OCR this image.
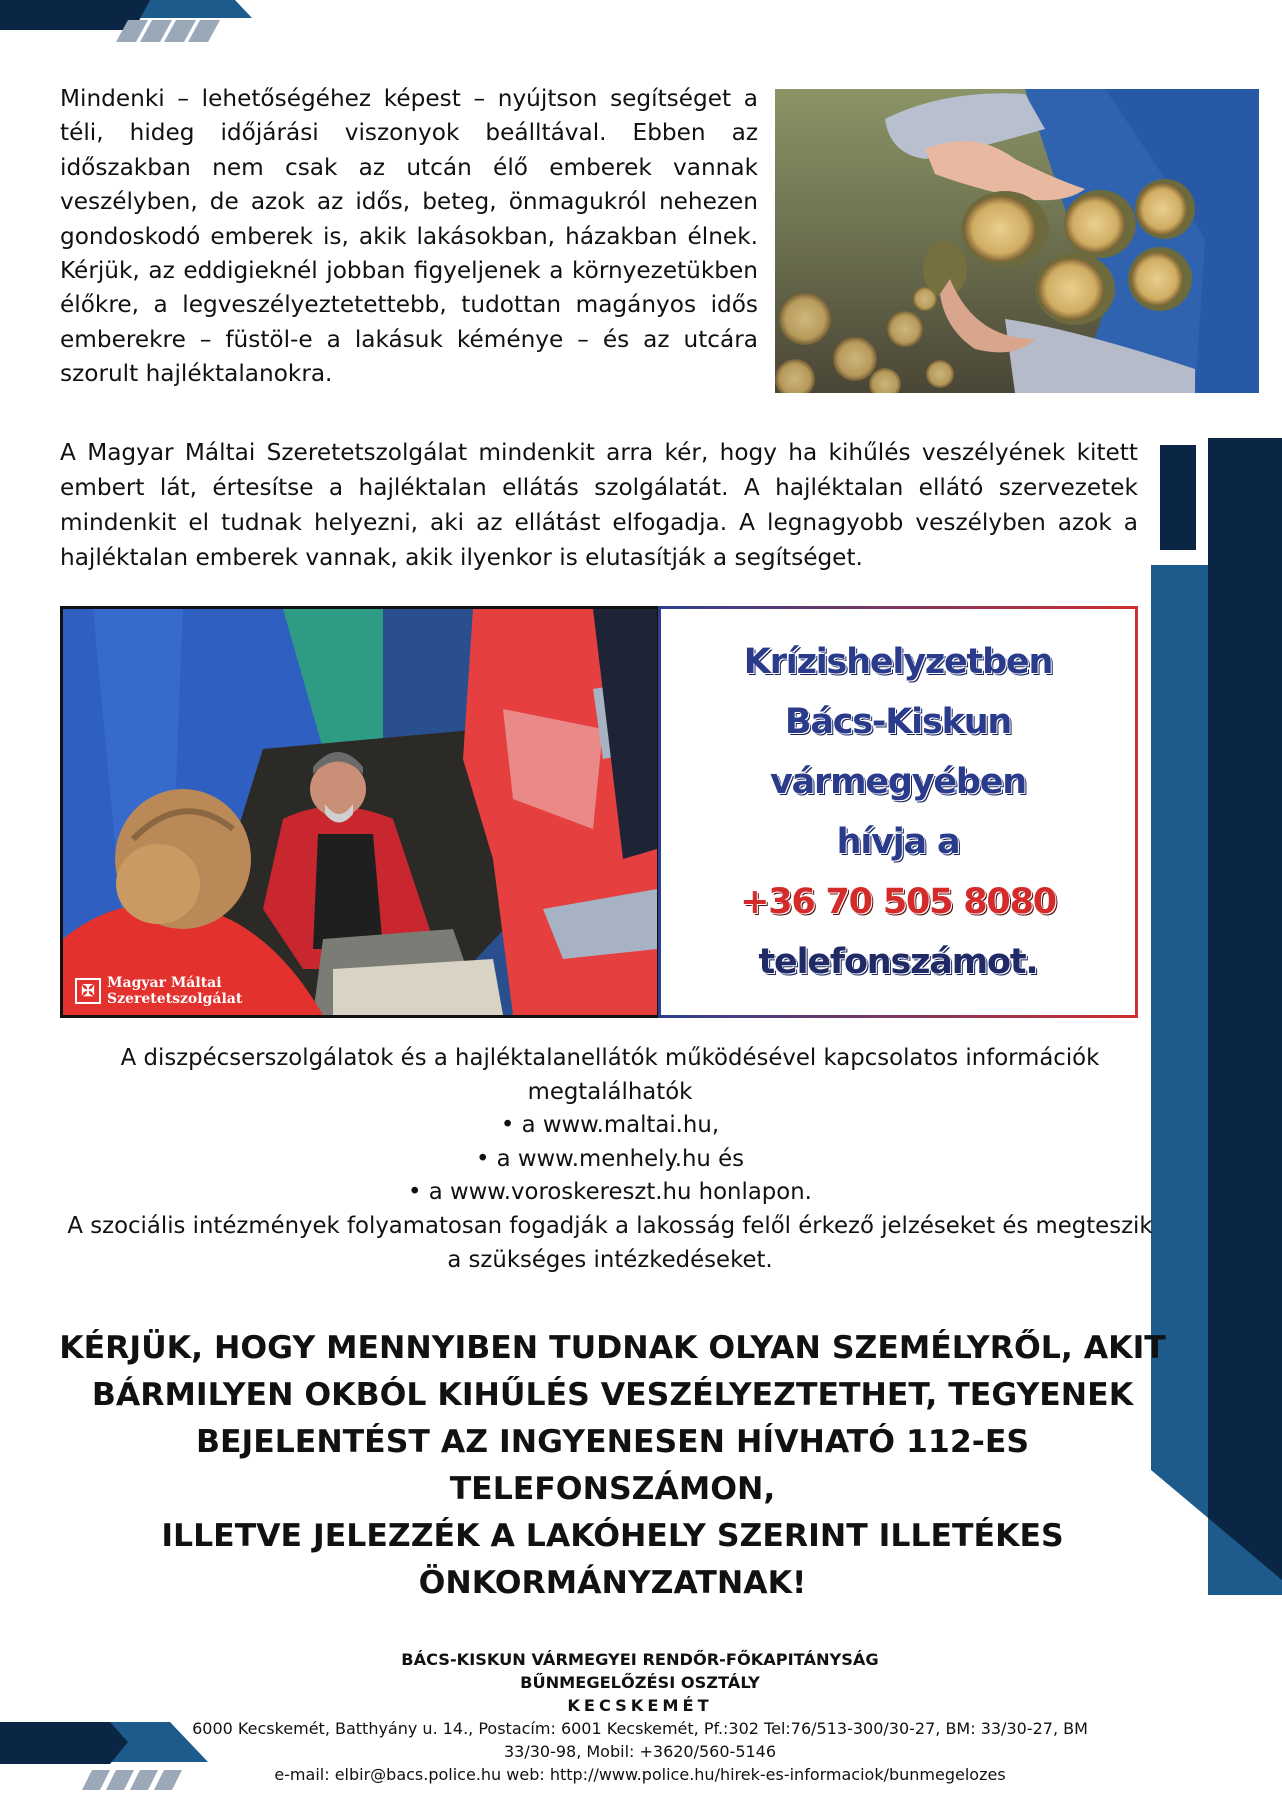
Mindenki – lehetőségéhez képest – nyújtson segítséget a téli, hideg időjárási viszonyok beálltával. Ebben az időszakban nem csak az utcán élő emberek vannak veszélyben, de azok az idős, beteg, önmagukról nehezen gondoskodó emberek is, akik lakásokban, házakban élnek. Kérjük, az eddigieknél jobban figyeljenek a környezetükben élőkre, a legveszélyeztetettebb, tudottan magányos idős emberekre – füstöl-e a lakásuk kéménye – és az utcára szorult hajléktalanokra.
A Magyar Máltai Szeretetszolgálat mindenkit arra kér, hogy ha kihűlés veszélyének kitett embert lát, értesítse a hajléktalan ellátás szolgálatát. A hajléktalan ellátó szervezetek mindenkit el tudnak helyezni, aki az ellátást elfogadja. A legnagyobb veszélyben azok a hajléktalan emberek vannak, akik ilyenkor is elutasítják a segítséget.
✠ Magyar Máltai
Szeretetszolgálat
Krízishelyzetben
Bács-Kiskun vármegyében
hívja a
+36 70 505 8080
telefonszámot.
A diszpécserszolgálatok és a hajléktalanellátók működésével kapcsolatos információk
megtalálhatók
• a www.maltai.hu,
• a www.menhely.hu és
• a www.voroskereszt.hu honlapon.
A szociális intézmények folyamatosan fogadják a lakosság felől érkező jelzéseket és megteszik
a szükséges intézkedéseket.
KÉRJÜK, HOGY MENNYIBEN TUDNAK OLYAN SZEMÉLYRŐL, AKIT
BÁRMILYEN OKBÓL KIHŰLÉS VESZÉLYEZTETHET, TEGYENEK
BEJELENTÉST AZ INGYENESEN HÍVHATÓ 112-ES TELEFONSZÁMON,
ILLETVE JELEZZÉK A LAKÓHELY SZERINT ILLETÉKES
ÖNKORMÁNYZATNAK!
BÁCS-KISKUN VÁRMEGYEI RENDŐR-FŐKAPITÁNYSÁG
BŰNMEGELŐZÉSI OSZTÁLY
KECSKEMÉT
6000 Kecskemét, Batthyány u. 14., Postacím: 6001 Kecskemét, Pf.:302 Tel:76/513-300/30-27, BM: 33/30-27, BM
33/30-98, Mobil: +3620/560-5146
e-mail: elbir@bacs.police.hu web: http://www.police.hu/hirek-es-informaciok/bunmegelozes
